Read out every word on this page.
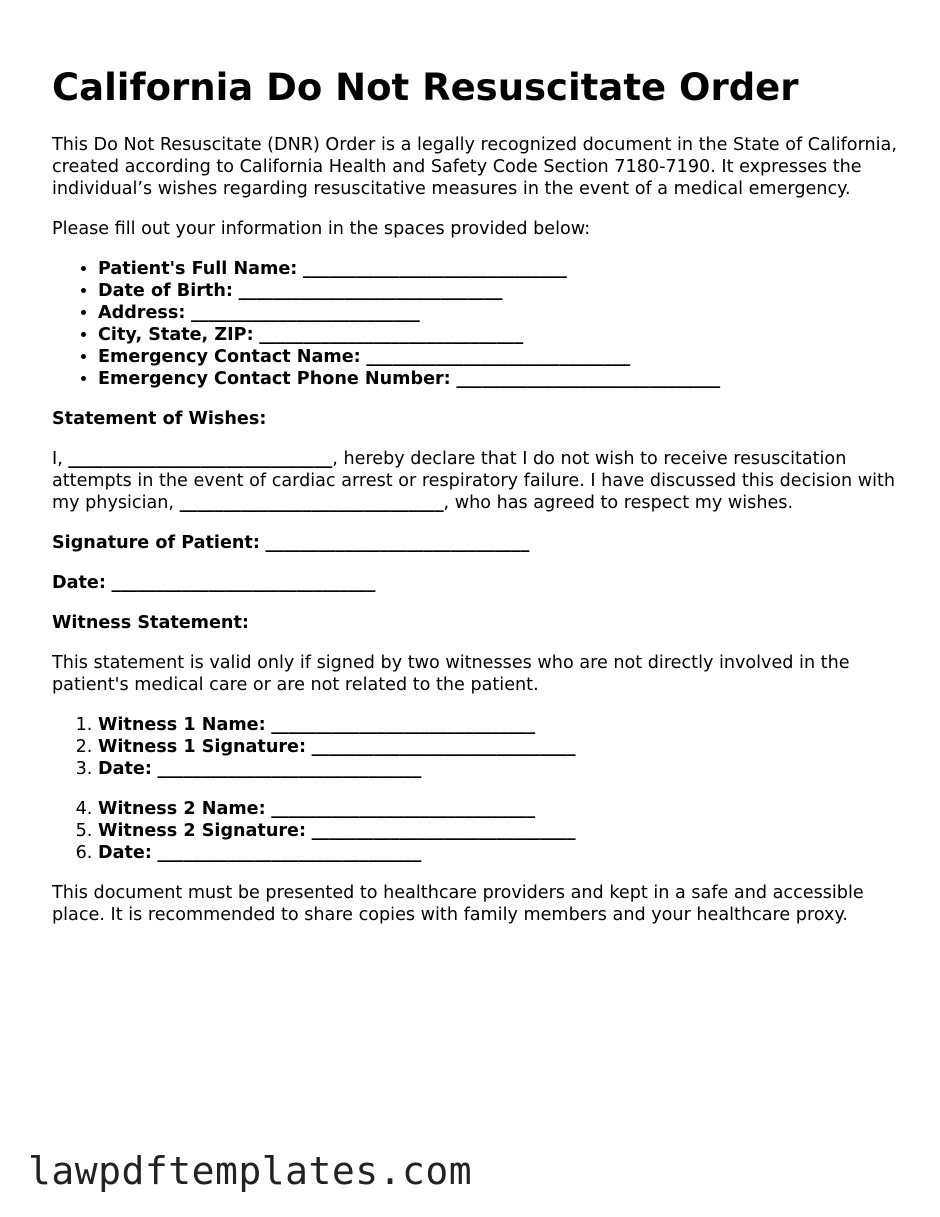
California Do Not Resuscitate Order

This Do Not Resuscitate (DNR) Order is a legally recognized document in the State of California, created according to California Health and Safety Code Section 7180-7190. It expresses the individual’s wishes regarding resuscitative measures in the event of a medical emergency.

Please fill out your information in the spaces provided below:

• Patient's Full Name: ______________________________
• Date of Birth: ______________________________
• Address: __________________________
• City, State, ZIP: ______________________________
• Emergency Contact Name: ______________________________
• Emergency Contact Phone Number: ______________________________

Statement of Wishes:

I, ______________________________, hereby declare that I do not wish to receive resuscitation attempts in the event of cardiac arrest or respiratory failure. I have discussed this decision with my physician, ______________________________, who has agreed to respect my wishes.

Signature of Patient: ______________________________

Date: ______________________________

Witness Statement:

This statement is valid only if signed by two witnesses who are not directly involved in the patient's medical care or are not related to the patient.

1. Witness 1 Name: ______________________________
2. Witness 1 Signature: ______________________________
3. Date: ______________________________
4. Witness 2 Name: ______________________________
5. Witness 2 Signature: ______________________________
6. Date: ______________________________

This document must be presented to healthcare providers and kept in a safe and accessible place. It is recommended to share copies with family members and your healthcare proxy.

lawpdftemplates.com
